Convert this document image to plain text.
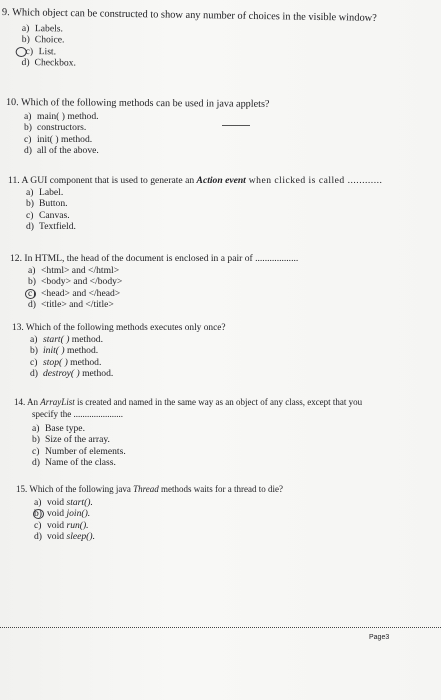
9. Which object can be constructed to show any number of choices in the visible window?
a) Labels.
b) Choice.
c) List.
d) Checkbox.
10. Which of the following methods can be used in java applets?
a) main( ) method.
b) constructors.
c) init( ) method.
d) all of the above.
11. A GUI component that is used to generate an Action event when clicked is called ............
a) Label.
b) Button.
c) Canvas.
d) Textfield.
12. In HTML, the head of the document is enclosed in a pair of ..................
a) <html> and </html>
b) <body> and </body>
c) <head> and </head>
d) <title> and </title>
13. Which of the following methods executes only once?
a) start( ) method.
b) init( ) method.
c) stop( ) method.
d) destroy( ) method.
14. An ArrayList is created and named in the same way as an object of any class, except that you
specify the ......................
a) Base type.
b) Size of the array.
c) Number of elements.
d) Name of the class.
15. Which of the following java Thread methods waits for a thread to die?
a) void start().
b) void join().
c) void run().
d) void sleep().
Page3
